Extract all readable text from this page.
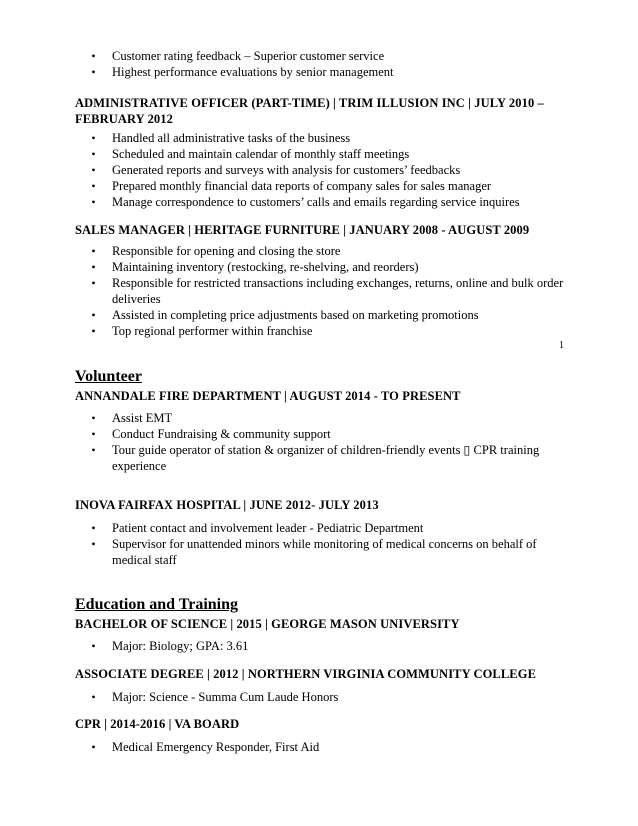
•	Customer rating feedback – Superior customer service
•	Highest performance evaluations by senior management
ADMINISTRATIVE OFFICER (PART-TIME) | TRIM ILLUSION INC | JULY 2010 – FEBRUARY 2012
•	Handled all administrative tasks of the business
•	Scheduled and maintain calendar of monthly staff meetings
•	Generated reports and surveys with analysis for customers’ feedbacks
•	Prepared monthly financial data reports of company sales for sales manager
•	Manage correspondence to customers’ calls and emails regarding service inquires
SALES MANAGER | HERITAGE FURNITURE | JANUARY 2008 - AUGUST 2009
•	Responsible for opening and closing the store
•	Maintaining inventory (restocking, re-shelving, and reorders)
•	Responsible for restricted transactions including exchanges, returns, online and bulk order deliveries
•	Assisted in completing price adjustments based on marketing promotions
•	Top regional performer within franchise
1
Volunteer
ANNANDALE FIRE DEPARTMENT | AUGUST 2014 - TO PRESENT
•	Assist EMT
•	Conduct Fundraising & community support
•	Tour guide operator of station & organizer of children-friendly events ▯ CPR training experience
INOVA FAIRFAX HOSPITAL | JUNE 2012- JULY 2013
•	Patient contact and involvement leader - Pediatric Department
•	Supervisor for unattended minors while monitoring of medical concerns on behalf of medical staff
Education and Training
BACHELOR OF SCIENCE | 2015 | GEORGE MASON UNIVERSITY
•	Major: Biology; GPA: 3.61
ASSOCIATE DEGREE | 2012 | NORTHERN VIRGINIA COMMUNITY COLLEGE
•	Major: Science - Summa Cum Laude Honors
CPR | 2014-2016 | VA BOARD
•	Medical Emergency Responder, First Aid
